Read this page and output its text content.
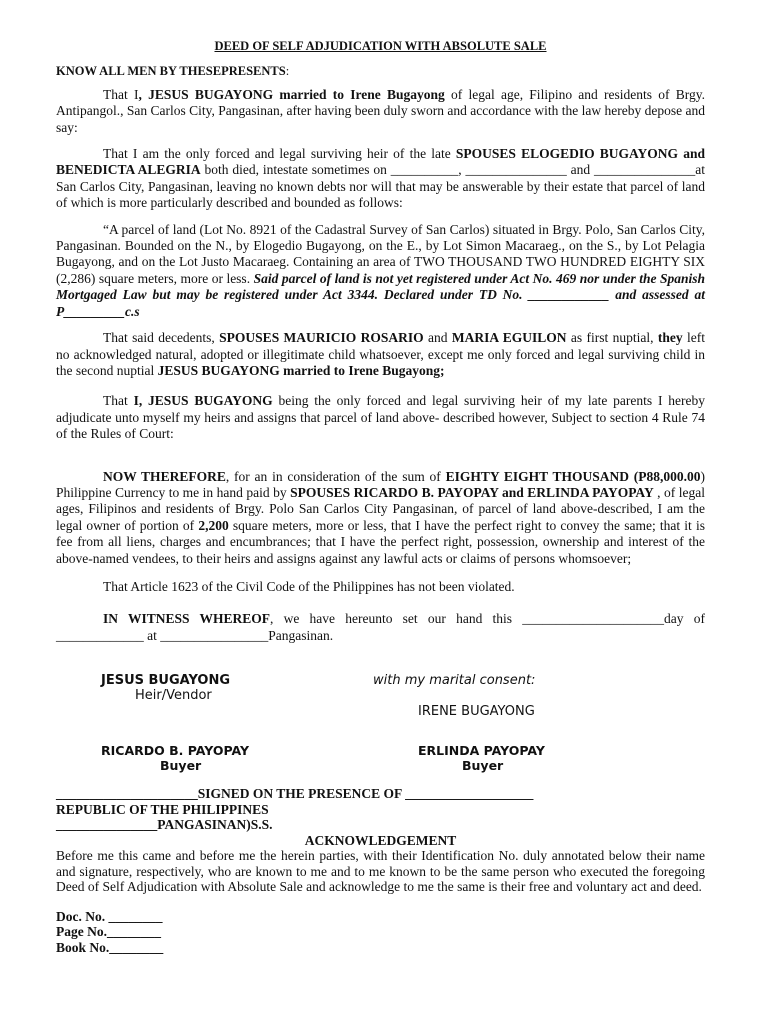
DEED OF SELF ADJUDICATION WITH ABSOLUTE SALE
KNOW ALL MEN BY THESEPRESENTS:

That I, JESUS BUGAYONG married to Irene Bugayong of legal age, Filipino and residents of Brgy. Antipangol., San Carlos City, Pangasinan, after having been duly sworn and accordance with the law hereby depose and say:

That I am the only forced and legal surviving heir of the late SPOUSES ELOGEDIO BUGAYONG and BENEDICTA ALEGRIA both died, intestate sometimes on __________, _______________ and _______________at San Carlos City, Pangasinan, leaving no known debts nor will that may be answerable by their estate that parcel of land of which is more particularly described and bounded as follows:

“A parcel of land (Lot No. 8921 of the Cadastral Survey of San Carlos) situated in Brgy. Polo, San Carlos City, Pangasinan. Bounded on the N., by Elogedio Bugayong, on the E., by Lot Simon Macaraeg., on the S., by Lot Pelagia Bugayong, and on the Lot Justo Macaraeg. Containing an area of TWO THOUSAND TWO HUNDRED EIGHTY SIX (2,286) square meters, more or less. Said parcel of land is not yet registered under Act No. 469 nor under the Spanish Mortgaged Law but may be registered under Act 3344. Declared under TD No. ____________ and assessed at P_________c.s

That said decedents, SPOUSES MAURICIO ROSARIO and MARIA EGUILON as first nuptial, they left no acknowledged natural, adopted or illegitimate child whatsoever, except me only forced and legal surviving child in the second nuptial JESUS BUGAYONG married to Irene Bugayong;

That I, JESUS BUGAYONG being the only forced and legal surviving heir of my late parents I hereby adjudicate unto myself my heirs and assigns that parcel of land above- described however, Subject to section 4 Rule 74 of the Rules of Court:

NOW THEREFORE, for an in consideration of the sum of EIGHTY EIGHT THOUSAND (P88,000.00) Philippine Currency to me in hand paid by SPOUSES RICARDO B. PAYOPAY and ERLINDA PAYOPAY , of legal ages, Filipinos and residents of Brgy. Polo San Carlos City Pangasinan, of parcel of land above-described, I am the legal owner of portion of 2,200 square meters, more or less, that I have the perfect right to convey the same; that it is fee from all liens, charges and encumbrances; that I have the perfect right, possession, ownership and interest of the above-named vendees, to their heirs and assigns against any lawful acts or claims of persons whomsoever;

That Article 1623 of the Civil Code of the Philippines has not been violated.

IN WITNESS WHEREOF, we have hereunto set our hand this _____________________day of _____________ at ________________Pangasinan.

JESUS BUGAYONG
Heir/Vendor
with my marital consent:
IRENE BUGAYONG
RICARDO B. PAYOPAY
Buyer
ERLINDA PAYOPAY
Buyer
_____________________SIGNED ON THE PRESENCE OF ___________________
REPUBLIC OF THE PHILIPPINES
_______________PANGASINAN)S.S.
ACKNOWLEDGEMENT

Before me this came and before me the herein parties, with their Identification No. duly annotated below their name and signature, respectively, who are known to me and to me known to be the same person who executed the foregoing Deed of Self Adjudication with Absolute Sale and acknowledge to me the same is their free and voluntary act and deed.

Doc. No. ________
Page No.________
Book No.________
